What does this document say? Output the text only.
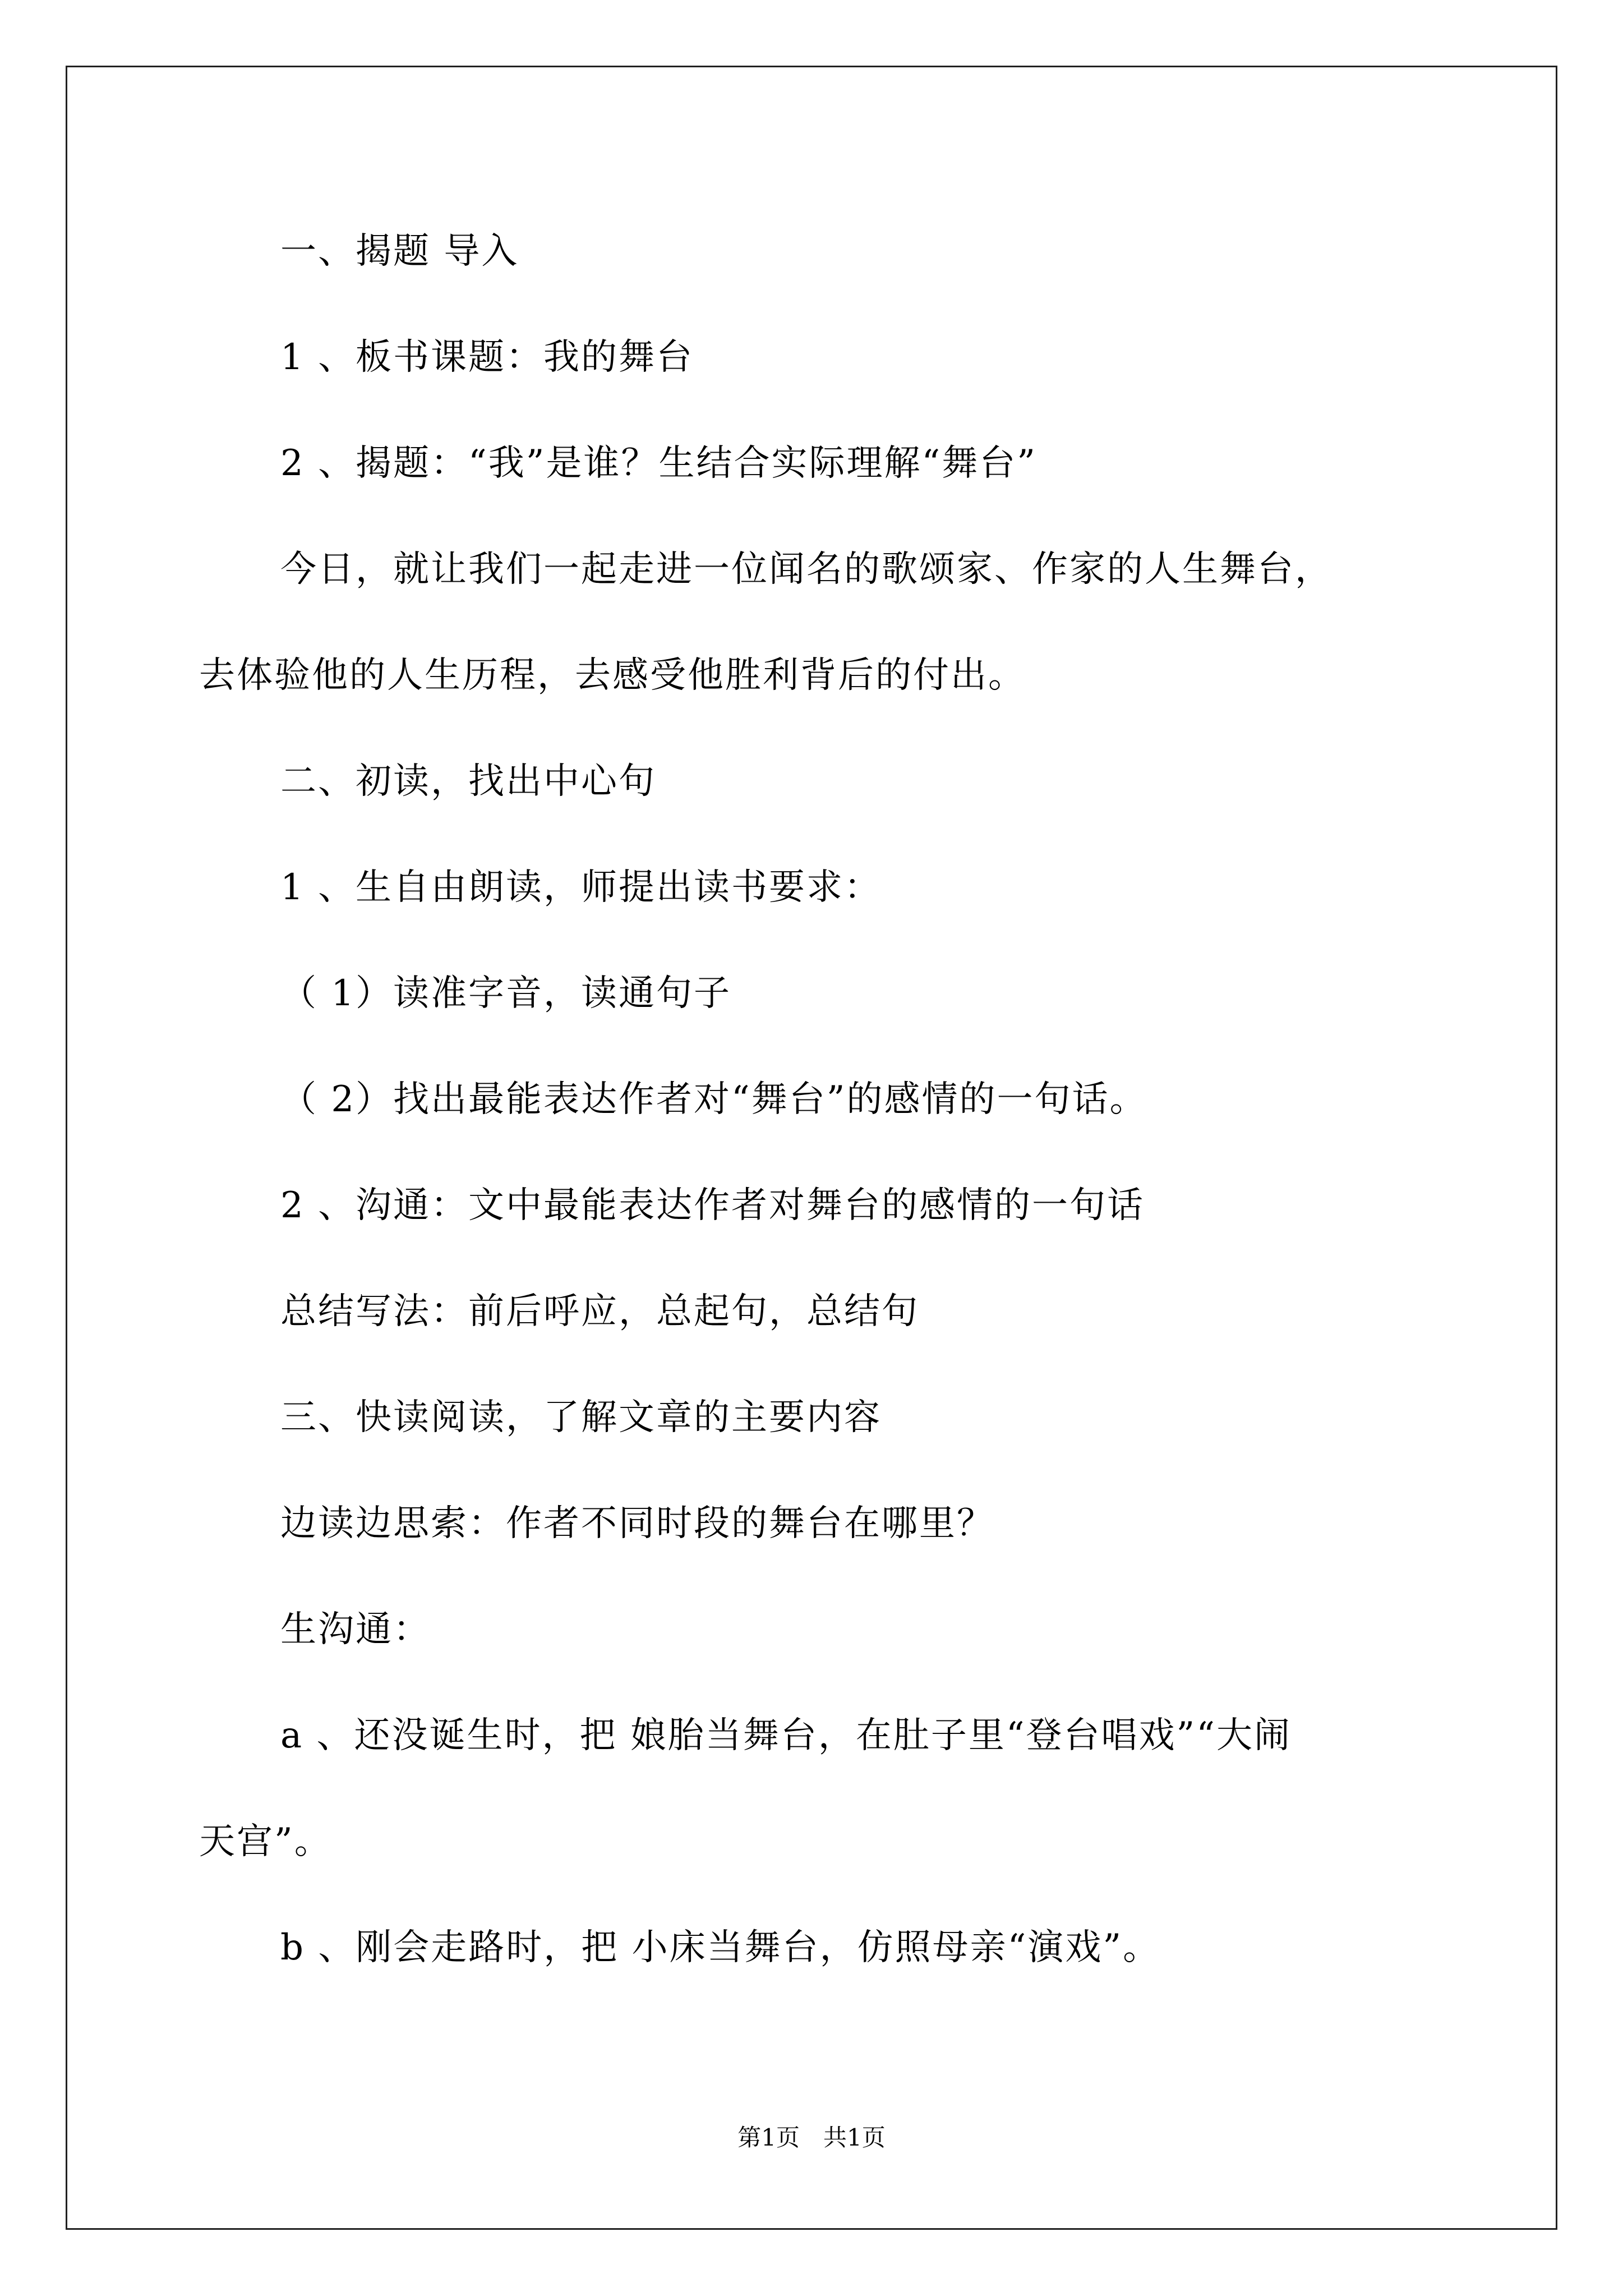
一、揭题 导入
1 、板书课题：我的舞台
2 、揭题：“我”是谁？生结合实际理解“舞台”
今日，就让我们一起走进一位闻名的歌颂家、作家的人生舞台，
去体验他的人生历程，去感受他胜利背后的付出。
二、初读，找出中心句
1 、生自由朗读，师提出读书要求：
（ 1）读准字音，读通句子
（ 2）找出最能表达作者对“舞台”的感情的一句话。
2 、沟通：文中最能表达作者对舞台的感情的一句话
总结写法：前后呼应，总起句，总结句
三、快读阅读，了解文章的主要内容
边读边思索：作者不同时段的舞台在哪里？
生沟通：
a 、还没诞生时，把 娘胎当舞台，在肚子里“登台唱戏”“大闹
天宫”。
b 、刚会走路时，把 小床当舞台，仿照母亲“演戏”。
第1页　共1页
